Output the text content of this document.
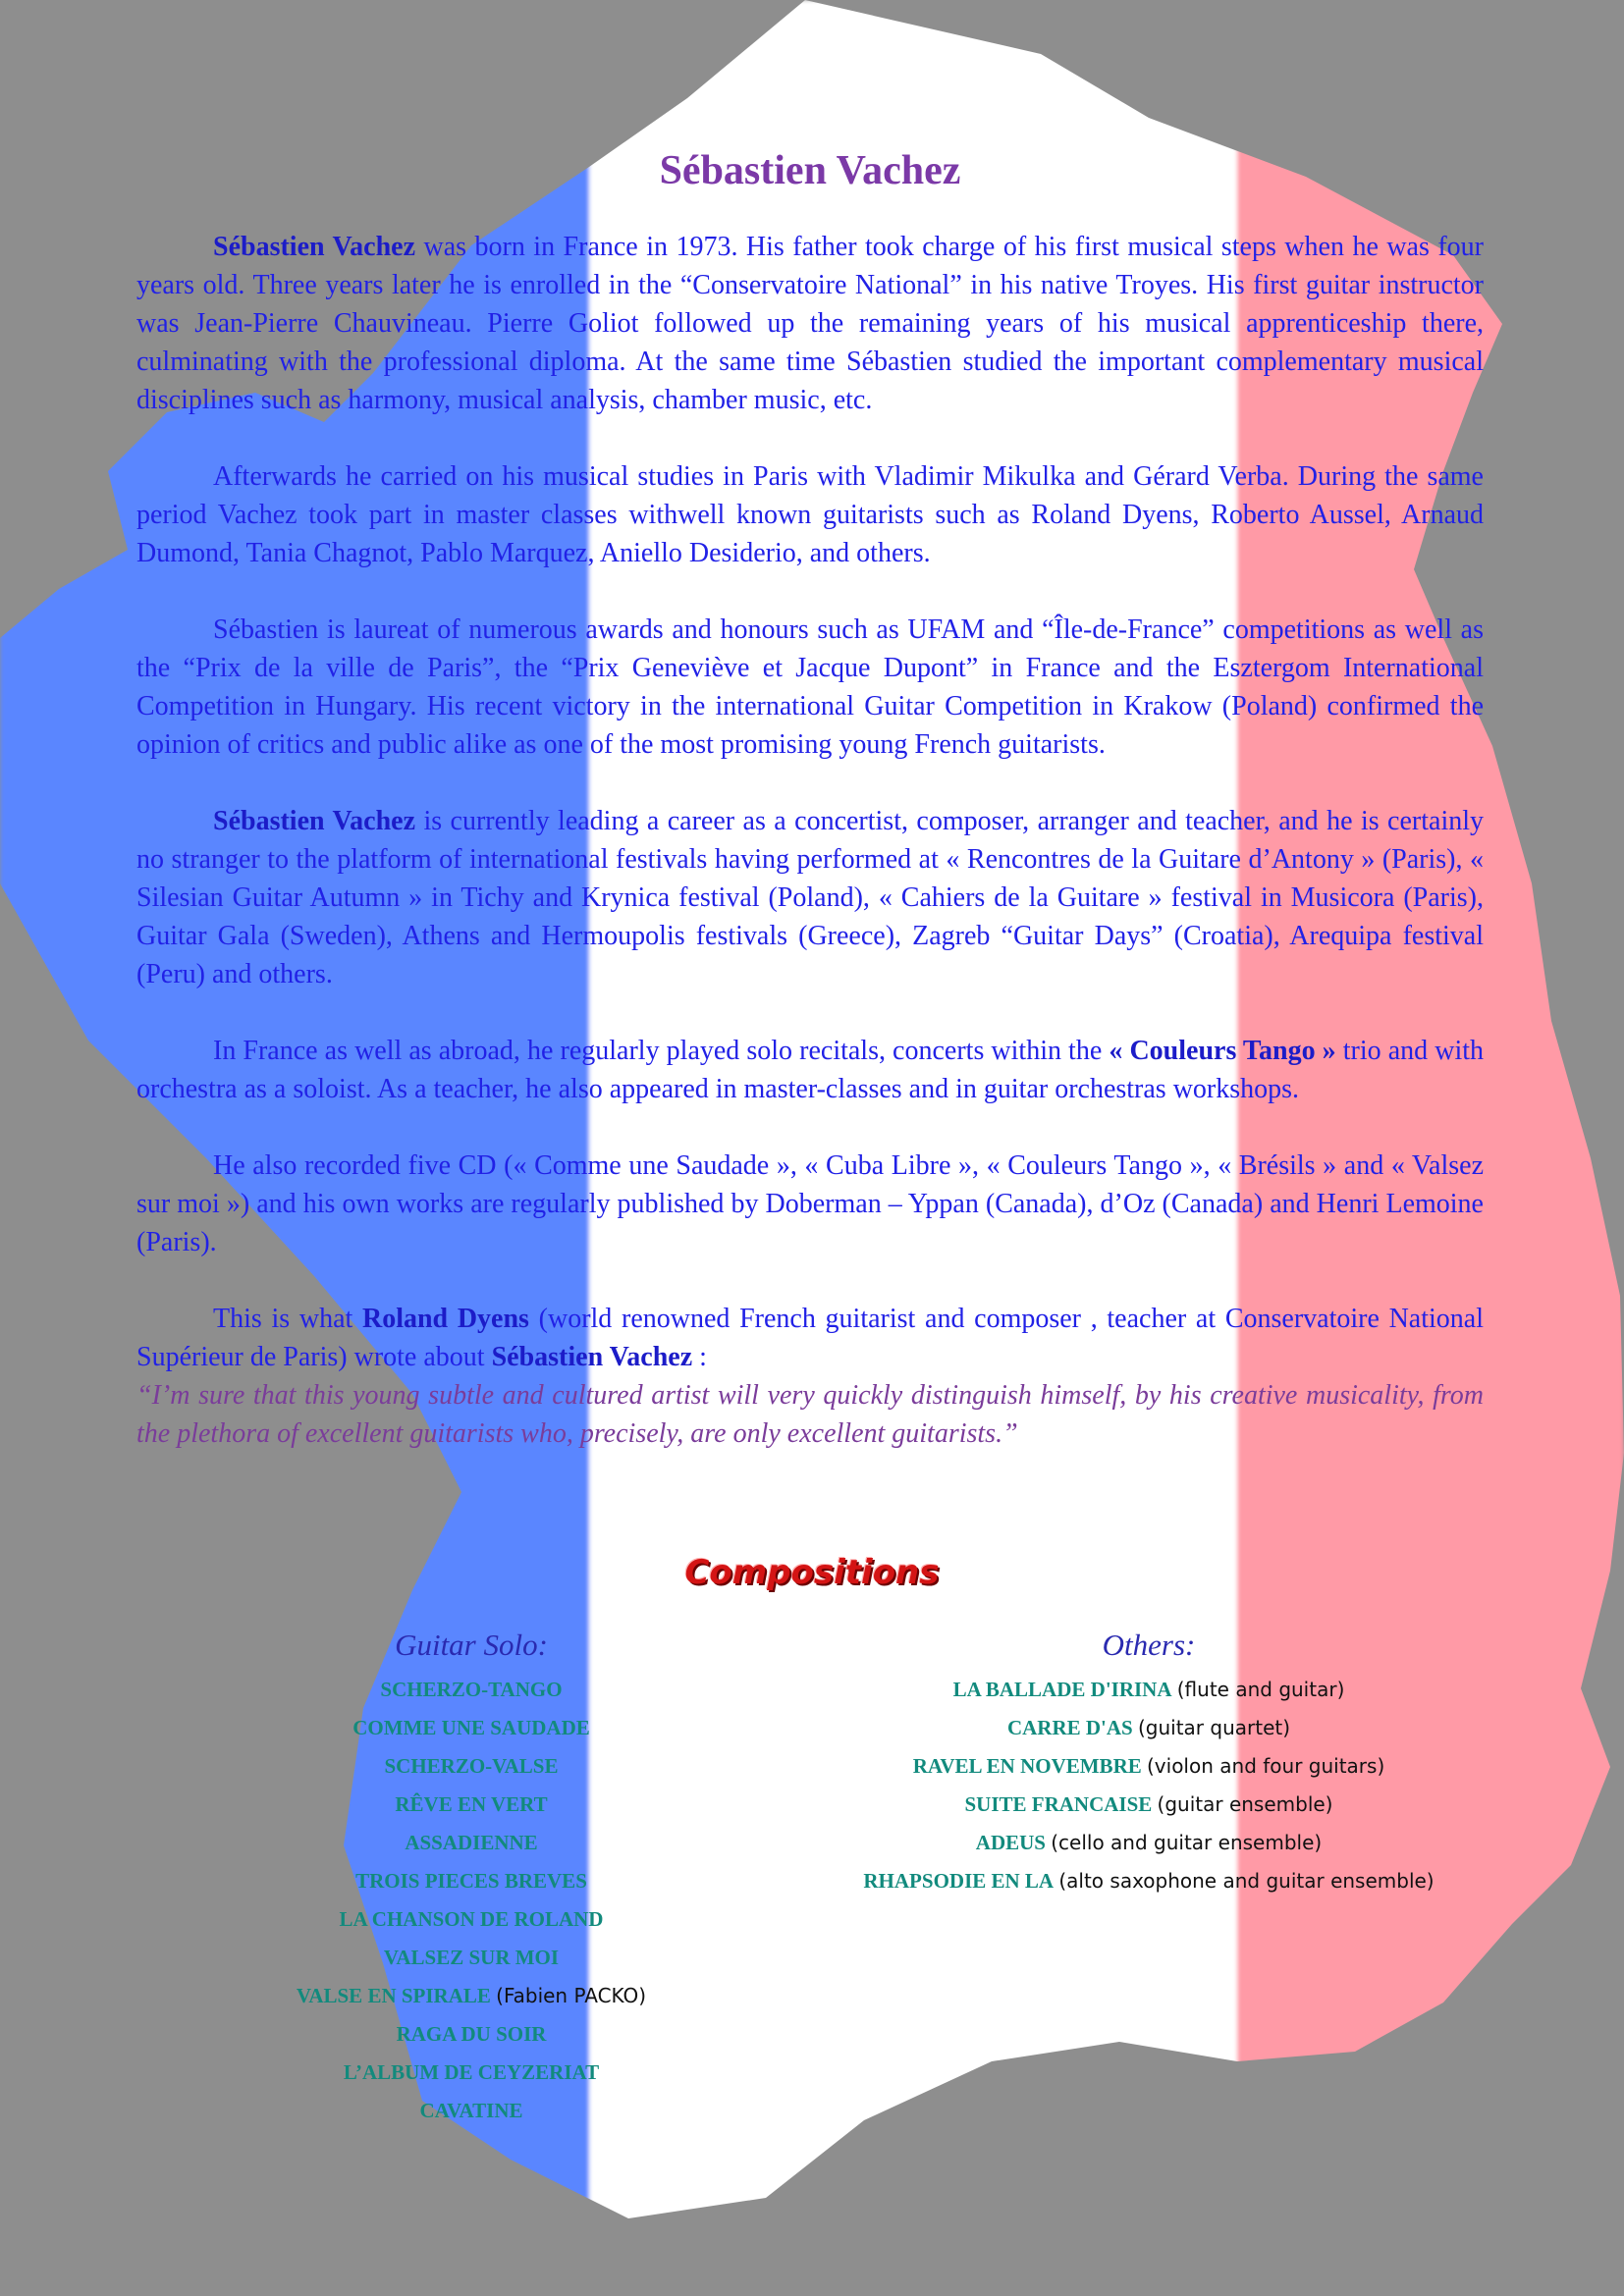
Sébastien Vachez

Sébastien Vachez was born in France in 1973. His father took charge of his first musical steps when he was four years old. Three years later he is enrolled in the “Conservatoire National” in his native Troyes. His first guitar instructor was Jean-Pierre Chauvineau. Pierre Goliot followed up the remaining years of his musical apprenticeship there, culminating with the professional diploma. At the same time Sébastien studied the important complementary musical disciplines such as harmony, musical analysis, chamber music, etc.

Afterwards he carried on his musical studies in Paris with Vladimir Mikulka and Gérard Verba. During the same period Vachez took part in master classes withwell known guitarists such as Roland Dyens, Roberto Aussel, Arnaud Dumond, Tania Chagnot, Pablo Marquez, Aniello Desiderio, and others.

Sébastien is laureat of numerous awards and honours such as UFAM and “Île-de-France” competitions as well as the “Prix de la ville de Paris”, the “Prix Geneviève et Jacque Dupont” in France and the Esztergom International Competition in Hungary. His recent victory in the international Guitar Competition in Krakow (Poland) confirmed the opinion of critics and public alike as one of the most promising young French guitarists.

Sébastien Vachez is currently leading a career as a concertist, composer, arranger and teacher, and he is certainly no stranger to the platform of international festivals having performed at « Rencontres de la Guitare d’Antony » (Paris), « Silesian Guitar Autumn » in Tichy and Krynica festival (Poland), « Cahiers de la Guitare » festival in Musicora (Paris), Guitar Gala (Sweden), Athens and Hermoupolis festivals (Greece), Zagreb “Guitar Days” (Croatia), Arequipa festival (Peru) and others.

In France as well as abroad, he regularly played solo recitals, concerts within the « Couleurs Tango » trio and with orchestra as a soloist. As a teacher, he also appeared in master-classes and in guitar orchestras workshops.

He also recorded five CD (« Comme une Saudade », « Cuba Libre », « Couleurs Tango », « Brésils » and « Valsez sur moi ») and his own works are regularly published by Doberman – Yppan (Canada), d’Oz (Canada) and Henri Lemoine (Paris).

This is what Roland Dyens (world renowned French guitarist and composer , teacher at Conservatoire National Supérieur de Paris) wrote about Sébastien Vachez :

“I’m sure that this young subtle and cultured artist will very quickly distinguish himself, by his creative musicality, from the plethora of excellent guitarists who, precisely, are only excellent guitarists.”

Compositions
Guitar Solo:
SCHERZO-TANGO
COMME UNE SAUDADE
SCHERZO-VALSE
RÊVE EN VERT
ASSADIENNE
TROIS PIECES BREVES
LA CHANSON DE ROLAND
VALSEZ SUR MOI
VALSE EN SPIRALE (Fabien PACKO)
RAGA DU SOIR
L’ALBUM DE CEYZERIAT
CAVATINE
Others:
LA BALLADE D'IRINA (flute and guitar)
CARRE D'AS (guitar quartet)
RAVEL EN NOVEMBRE (violon and four guitars)
SUITE FRANCAISE (guitar ensemble)
ADEUS (cello and guitar ensemble)
RHAPSODIE EN LA (alto saxophone and guitar ensemble)
